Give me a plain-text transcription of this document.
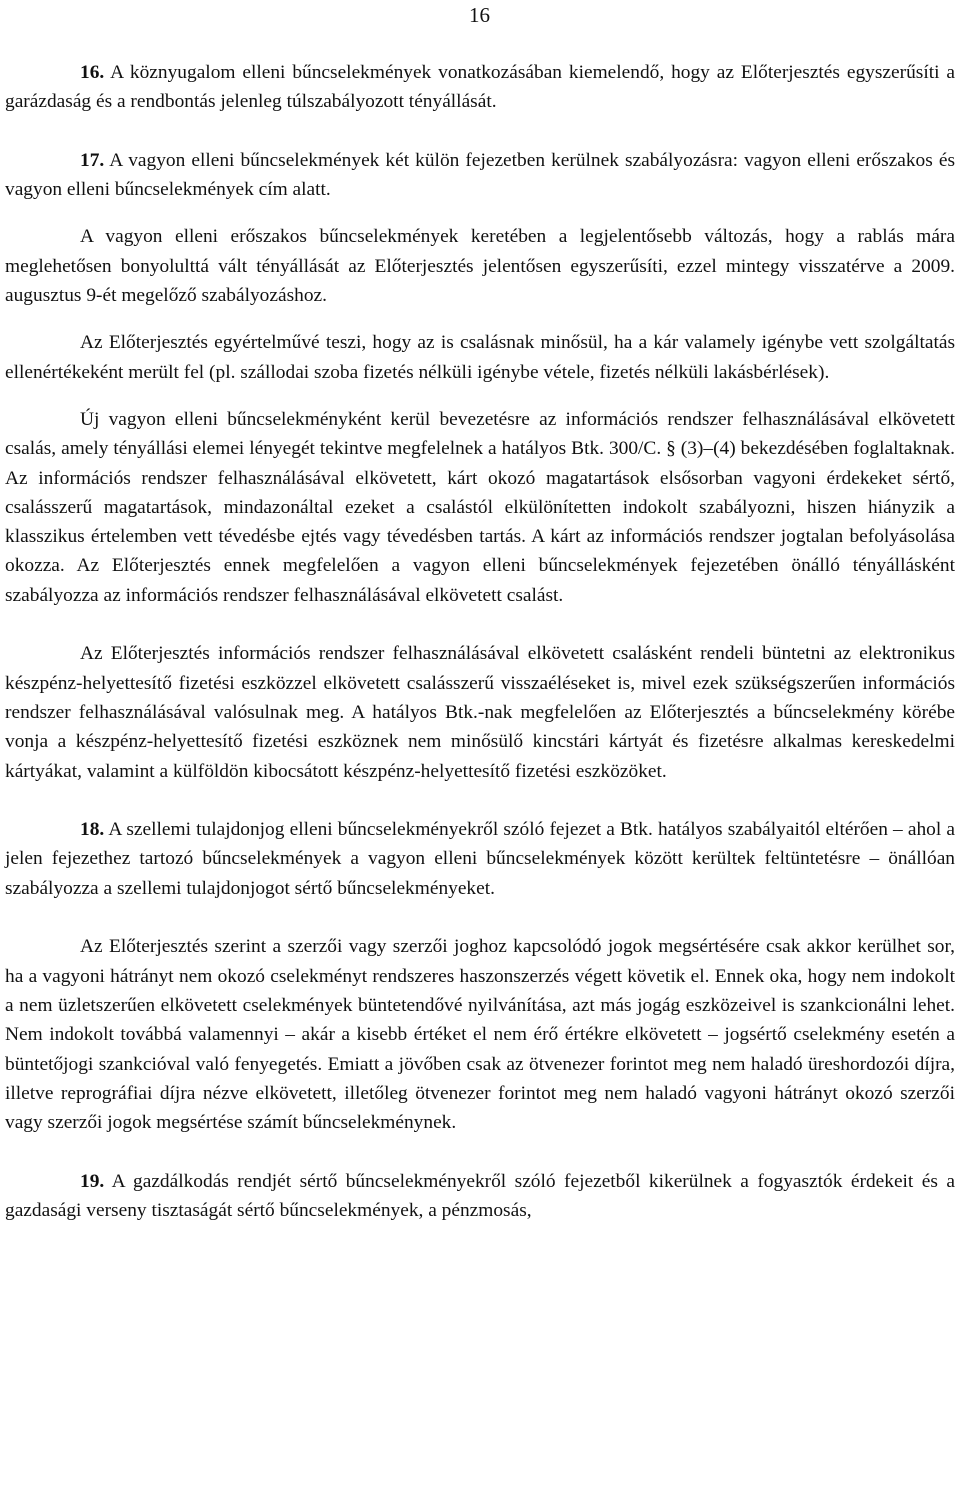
16

16. A köznyugalom elleni bűncselekmények vonatkozásában kiemelendő, hogy az Előterjesztés egyszerűsíti a garázdaság és a rendbontás jelenleg túlszabályozott tényállását.

17. A vagyon elleni bűncselekmények két külön fejezetben kerülnek szabályozásra: vagyon elleni erőszakos és vagyon elleni bűncselekmények cím alatt.

A vagyon elleni erőszakos bűncselekmények keretében a legjelentősebb változás, hogy a rablás mára meglehetősen bonyolulttá vált tényállását az Előterjesztés jelentősen egyszerűsíti, ezzel mintegy visszatérve a 2009. augusztus 9-ét megelőző szabályozáshoz.

Az Előterjesztés egyértelművé teszi, hogy az is csalásnak minősül, ha a kár valamely igénybe vett szolgáltatás ellenértékeként merült fel (pl. szállodai szoba fizetés nélküli igénybe vétele, fizetés nélküli lakásbérlések).

Új vagyon elleni bűncselekményként kerül bevezetésre az információs rendszer felhasználásával elkövetett csalás, amely tényállási elemei lényegét tekintve megfelelnek a hatályos Btk. 300/C. § (3)–(4) bekezdésében foglaltaknak. Az információs rendszer felhasználásával elkövetett, kárt okozó magatartások elsősorban vagyoni érdekeket sértő, csalásszerű magatartások, mindazonáltal ezeket a csalástól elkülönítetten indokolt szabályozni, hiszen hiányzik a klasszikus értelemben vett tévedésbe ejtés vagy tévedésben tartás. A kárt az információs rendszer jogtalan befolyásolása okozza. Az Előterjesztés ennek megfelelően a vagyon elleni bűncselekmények fejezetében önálló tényállásként szabályozza az információs rendszer felhasználásával elkövetett csalást.

Az Előterjesztés információs rendszer felhasználásával elkövetett csalásként rendeli büntetni az elektronikus készpénz-helyettesítő fizetési eszközzel elkövetett csalásszerű visszaéléseket is, mivel ezek szükségszerűen információs rendszer felhasználásával valósulnak meg. A hatályos Btk.-nak megfelelően az Előterjesztés a bűncselekmény körébe vonja a készpénz-helyettesítő fizetési eszköznek nem minősülő kincstári kártyát és fizetésre alkalmas kereskedelmi kártyákat, valamint a külföldön kibocsátott készpénz-helyettesítő fizetési eszközöket.

18. A szellemi tulajdonjog elleni bűncselekményekről szóló fejezet a Btk. hatályos szabályaitól eltérően – ahol a jelen fejezethez tartozó bűncselekmények a vagyon elleni bűncselekmények között kerültek feltüntetésre – önállóan szabályozza a szellemi tulajdonjogot sértő bűncselekményeket.

Az Előterjesztés szerint a szerzői vagy szerzői joghoz kapcsolódó jogok megsértésére csak akkor kerülhet sor, ha a vagyoni hátrányt nem okozó cselekményt rendszeres haszonszerzés végett követik el. Ennek oka, hogy nem indokolt a nem üzletszerűen elkövetett cselekmények büntetendővé nyilvánítása, azt más jogág eszközeivel is szankcionálni lehet. Nem indokolt továbbá valamennyi – akár a kisebb értéket el nem érő értékre elkövetett – jogsértő cselekmény esetén a büntetőjogi szankcióval való fenyegetés. Emiatt a jövőben csak az ötvenezer forintot meg nem haladó üreshordozói díjra, illetve reprográfiai díjra nézve elkövetett, illetőleg ötvenezer forintot meg nem haladó vagyoni hátrányt okozó szerzői vagy szerzői jogok megsértése számít bűncselekménynek.

19. A gazdálkodás rendjét sértő bűncselekményekről szóló fejezetből kikerülnek a fogyasztók érdekeit és a gazdasági verseny tisztaságát sértő bűncselekmények, a pénzmosás,
